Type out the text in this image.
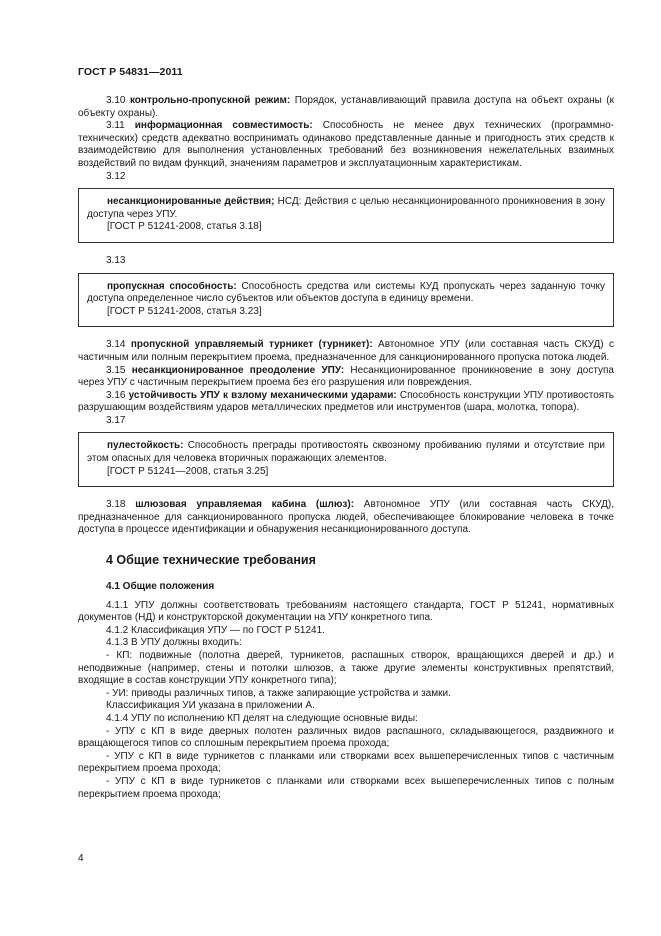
ГОСТ Р 54831—2011

3.10 контрольно-пропускной режим: Порядок, устанавливающий правила доступа на объект охраны (к объекту охраны).

3.11 информационная совместимость: Способность не менее двух технических (программно-технических) средств адекватно воспринимать одинаково представленные данные и пригодность этих средств к взаимодействию для выполнения установленных требований без возникновения нежелательных взаимных воздействий по видам функций, значениям параметров и эксплуатационным характеристикам.

3.12

несанкционированные действия; НСД: Действия с целью несанкционированного проникновения в зону доступа через УПУ.

[ГОСТ Р 51241-2008, статья 3.18]

3.13

пропускная способность: Способность средства или системы КУД пропускать через заданную точку доступа определенное число субъектов или объектов доступа в единицу времени.

[ГОСТ Р 51241-2008, статья 3.23]

3.14 пропускной управляемый турникет (турникет): Автономное УПУ (или составная часть СКУД) с частичным или полным перекрытием проема, предназначенное для санкционированного пропуска потока людей.

3.15 несанкционированное преодоление УПУ: Несанкционированное проникновение в зону доступа через УПУ с частичным перекрытием проема без его разрушения или повреждения.

3.16 устойчивость УПУ к взлому механическими ударами: Способность конструкции УПУ противостоять разрушающим воздействиям ударов металлических предметов или инструментов (шара, молотка, топора).

3.17

пулестойкость: Способность преграды противостоять сквозному пробиванию пулями и отсутствие при этом опасных для человека вторичных поражающих элементов.

[ГОСТ Р 51241—2008, статья 3.25]

3.18 шлюзовая управляемая кабина (шлюз): Автономное УПУ (или составная часть СКУД), предназначенное для санкционированного пропуска людей, обеспечивающее блокирование человека в точке доступа в процессе идентификации и обнаружения несанкционированного доступа.

4 Общие технические требования
4.1 Общие положения

4.1.1 УПУ должны соответствовать требованиям настоящего стандарта, ГОСТ Р 51241, нормативных документов (НД) и конструкторской документации на УПУ конкретного типа.

4.1.2 Классификация УПУ — по ГОСТ Р 51241.

4.1.3 В УПУ должны входить:

- КП: подвижные (полотна дверей, турникетов, распашных створок, вращающихся дверей и др.) и неподвижные (например, стены и потолки шлюзов, а также другие элементы конструктивных препятствий, входящие в состав конструкции УПУ конкретного типа);

- УИ: приводы различных типов, а также запирающие устройства и замки.

Классификация УИ указана в приложении А.

4.1.4 УПУ по исполнению КП делят на следующие основные виды:

- УПУ с КП в виде дверных полотен различных видов распашного, складывающегося, раздвижного и вращающегося типов со сплошным перекрытием проема прохода;

- УПУ с КП в виде турникетов с планками или створками всех вышеперечисленных типов с частичным перекрытием проема прохода;

- УПУ с КП в виде турникетов с планками или створками всех вышеперечисленных типов с полным перекрытием проема прохода;

4
